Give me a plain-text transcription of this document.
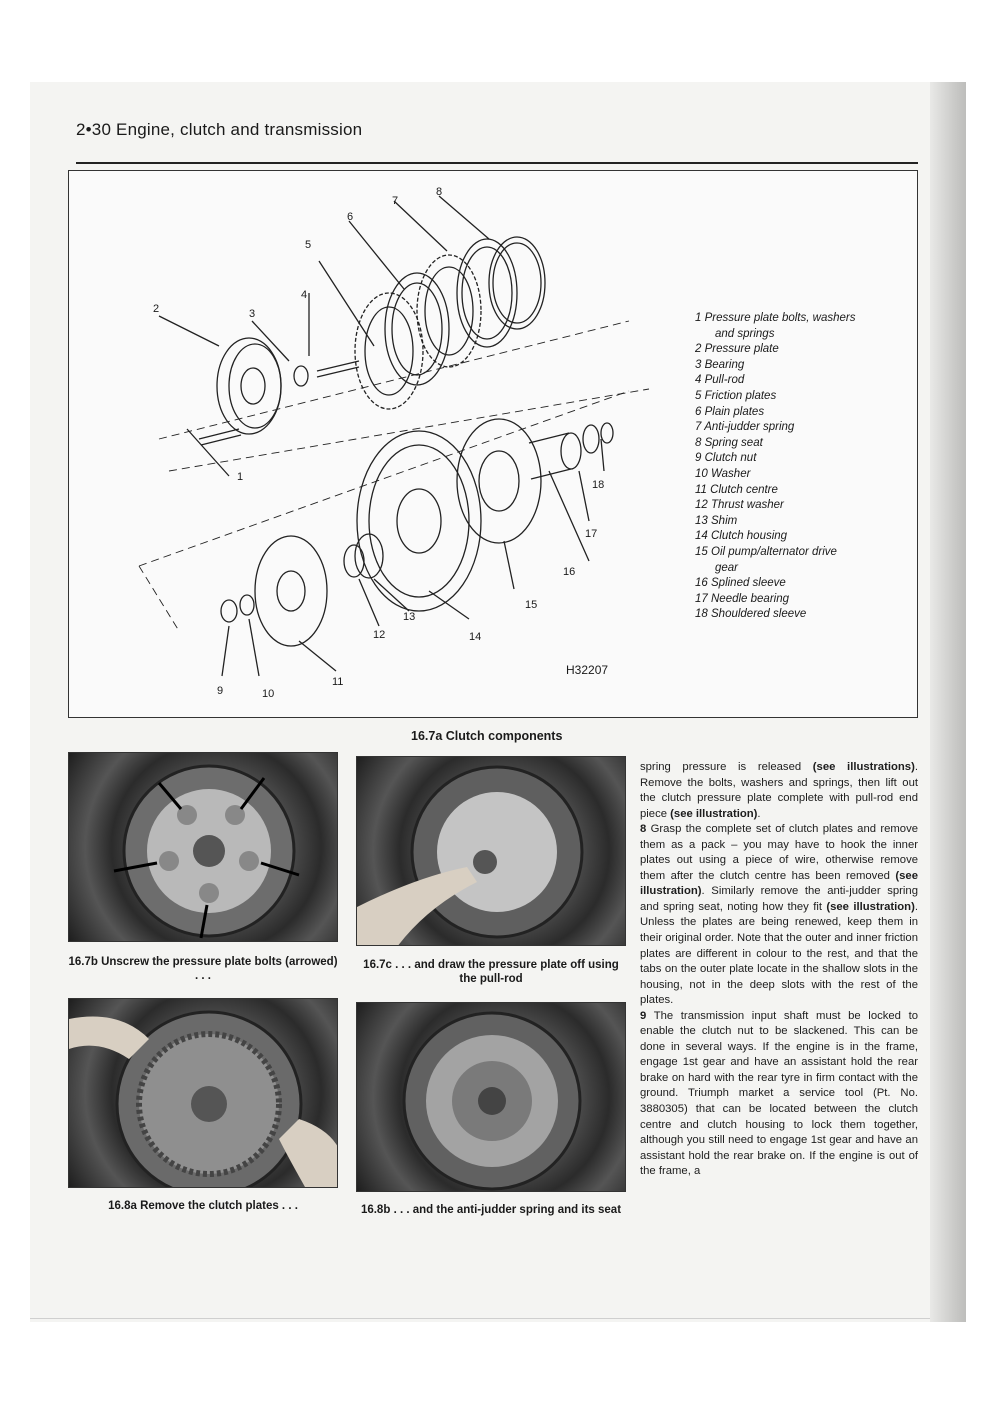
2•30 Engine, clutch and transmission
2	3
4
5
6
7
8
1
9	10
11
12
13
14
15
16
17
18
1 Pressure plate bolts, washers
and springs
2 Pressure plate
3 Bearing
4 Pull-rod
5 Friction plates
6 Plain plates
7 Anti-judder spring
8 Spring seat
9 Clutch nut
10 Washer
11 Clutch centre
12 Thrust washer
13 Shim
14 Clutch housing
15 Oil pump/alternator drive
gear
16 Splined sleeve
17 Needle bearing
18 Shouldered sleeve
H32207
16.7a Clutch components
16.7b Unscrew the pressure plate bolts (arrowed) . . .
16.7c . . . and draw the pressure plate off using the pull-rod
16.8a Remove the clutch plates . . .	16.8b . . . and the anti-judder spring and its seat

spring pressure is released (see illustrations). Remove the bolts, washers and springs, then lift out the clutch pressure plate complete with pull-rod end piece (see illustration).

8 Grasp the complete set of clutch plates and remove them as a pack – you may have to hook the inner plates out using a piece of wire, otherwise remove them after the clutch centre has been removed (see illustration). Similarly remove the anti-judder spring and spring seat, noting how they fit (see illustration). Unless the plates are being renewed, keep them in their original order. Note that the outer and inner friction plates are different in colour to the rest, and that the tabs on the outer plate locate in the shallow slots in the housing, not in the deep slots with the rest of the plates.

9 The transmission input shaft must be locked to enable the clutch nut to be slackened. This can be done in several ways. If the engine is in the frame, engage 1st gear and have an assistant hold the rear brake on hard with the rear tyre in firm contact with the ground. Triumph market a service tool (Pt. No. 3880305) that can be located between the clutch centre and clutch housing to lock them together, although you still need to engage 1st gear and have an assistant hold the rear brake on. If the engine is out of the frame, a
